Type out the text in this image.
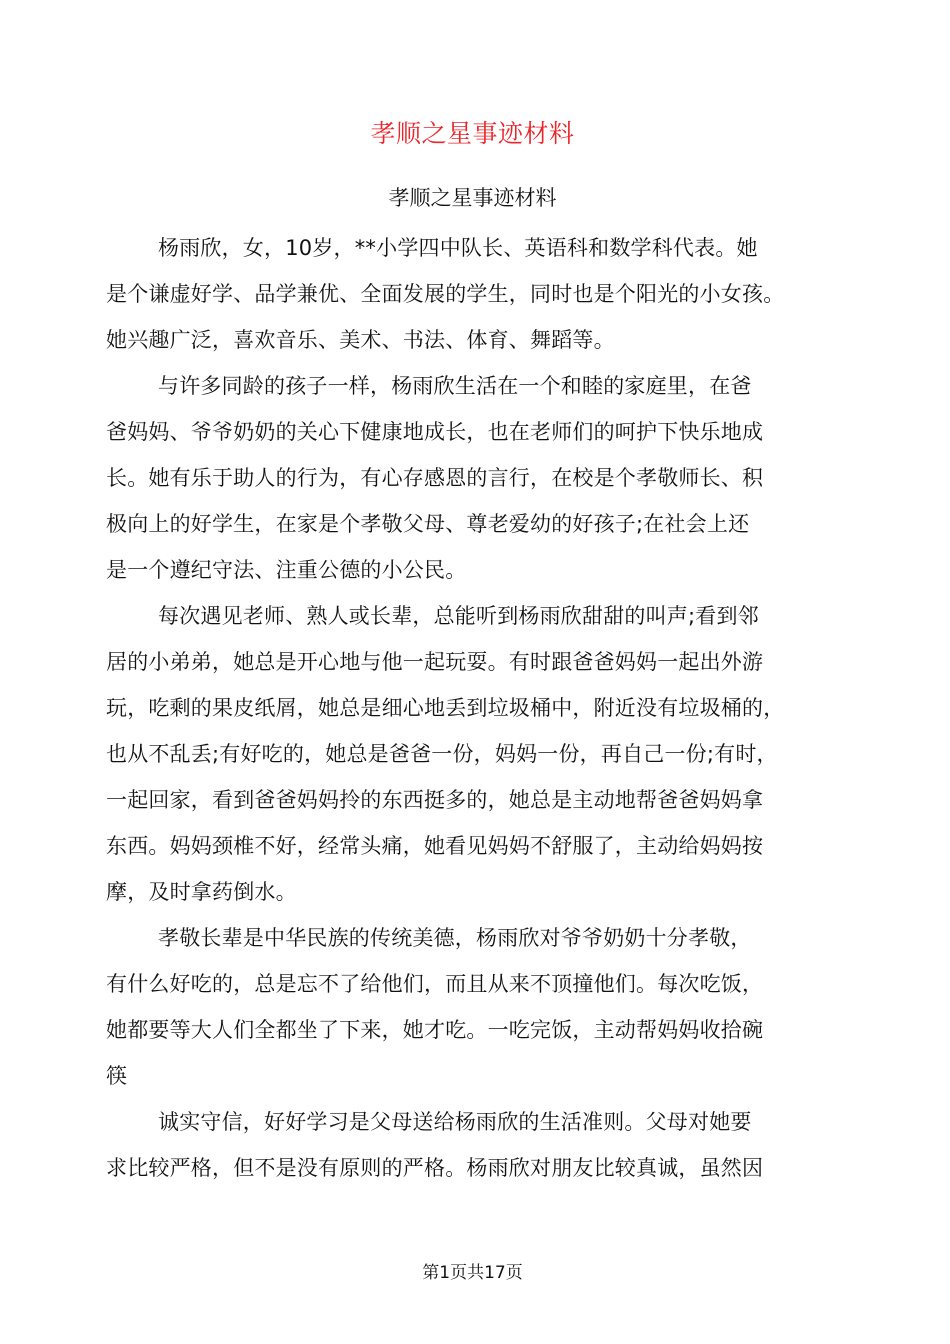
孝顺之星事迹材料
孝顺之星事迹材料
杨雨欣，女，10岁，**小学四中队长、英语科和数学科代表。她
是个谦虚好学、品学兼优、全面发展的学生，同时也是个阳光的小女孩。
她兴趣广泛，喜欢音乐、美术、书法、体育、舞蹈等。
与许多同龄的孩子一样，杨雨欣生活在一个和睦的家庭里，在爸
爸妈妈、爷爷奶奶的关心下健康地成长，也在老师们的呵护下快乐地成
长。她有乐于助人的行为，有心存感恩的言行，在校是个孝敬师长、积
极向上的好学生，在家是个孝敬父母、尊老爱幼的好孩子;在社会上还
是一个遵纪守法、注重公德的小公民。
每次遇见老师、熟人或长辈，总能听到杨雨欣甜甜的叫声;看到邻
居的小弟弟，她总是开心地与他一起玩耍。有时跟爸爸妈妈一起出外游
玩，吃剩的果皮纸屑，她总是细心地丢到垃圾桶中，附近没有垃圾桶的，
也从不乱丢;有好吃的，她总是爸爸一份，妈妈一份，再自己一份;有时，
一起回家，看到爸爸妈妈拎的东西挺多的，她总是主动地帮爸爸妈妈拿
东西。妈妈颈椎不好，经常头痛，她看见妈妈不舒服了，主动给妈妈按
摩，及时拿药倒水。
孝敬长辈是中华民族的传统美德，杨雨欣对爷爷奶奶十分孝敬，
有什么好吃的，总是忘不了给他们，而且从来不顶撞他们。每次吃饭，
她都要等大人们全都坐了下来，她才吃。一吃完饭，主动帮妈妈收拾碗
筷
诚实守信，好好学习是父母送给杨雨欣的生活准则。父母对她要
求比较严格，但不是没有原则的严格。杨雨欣对朋友比较真诚，虽然因
第1页共17页
